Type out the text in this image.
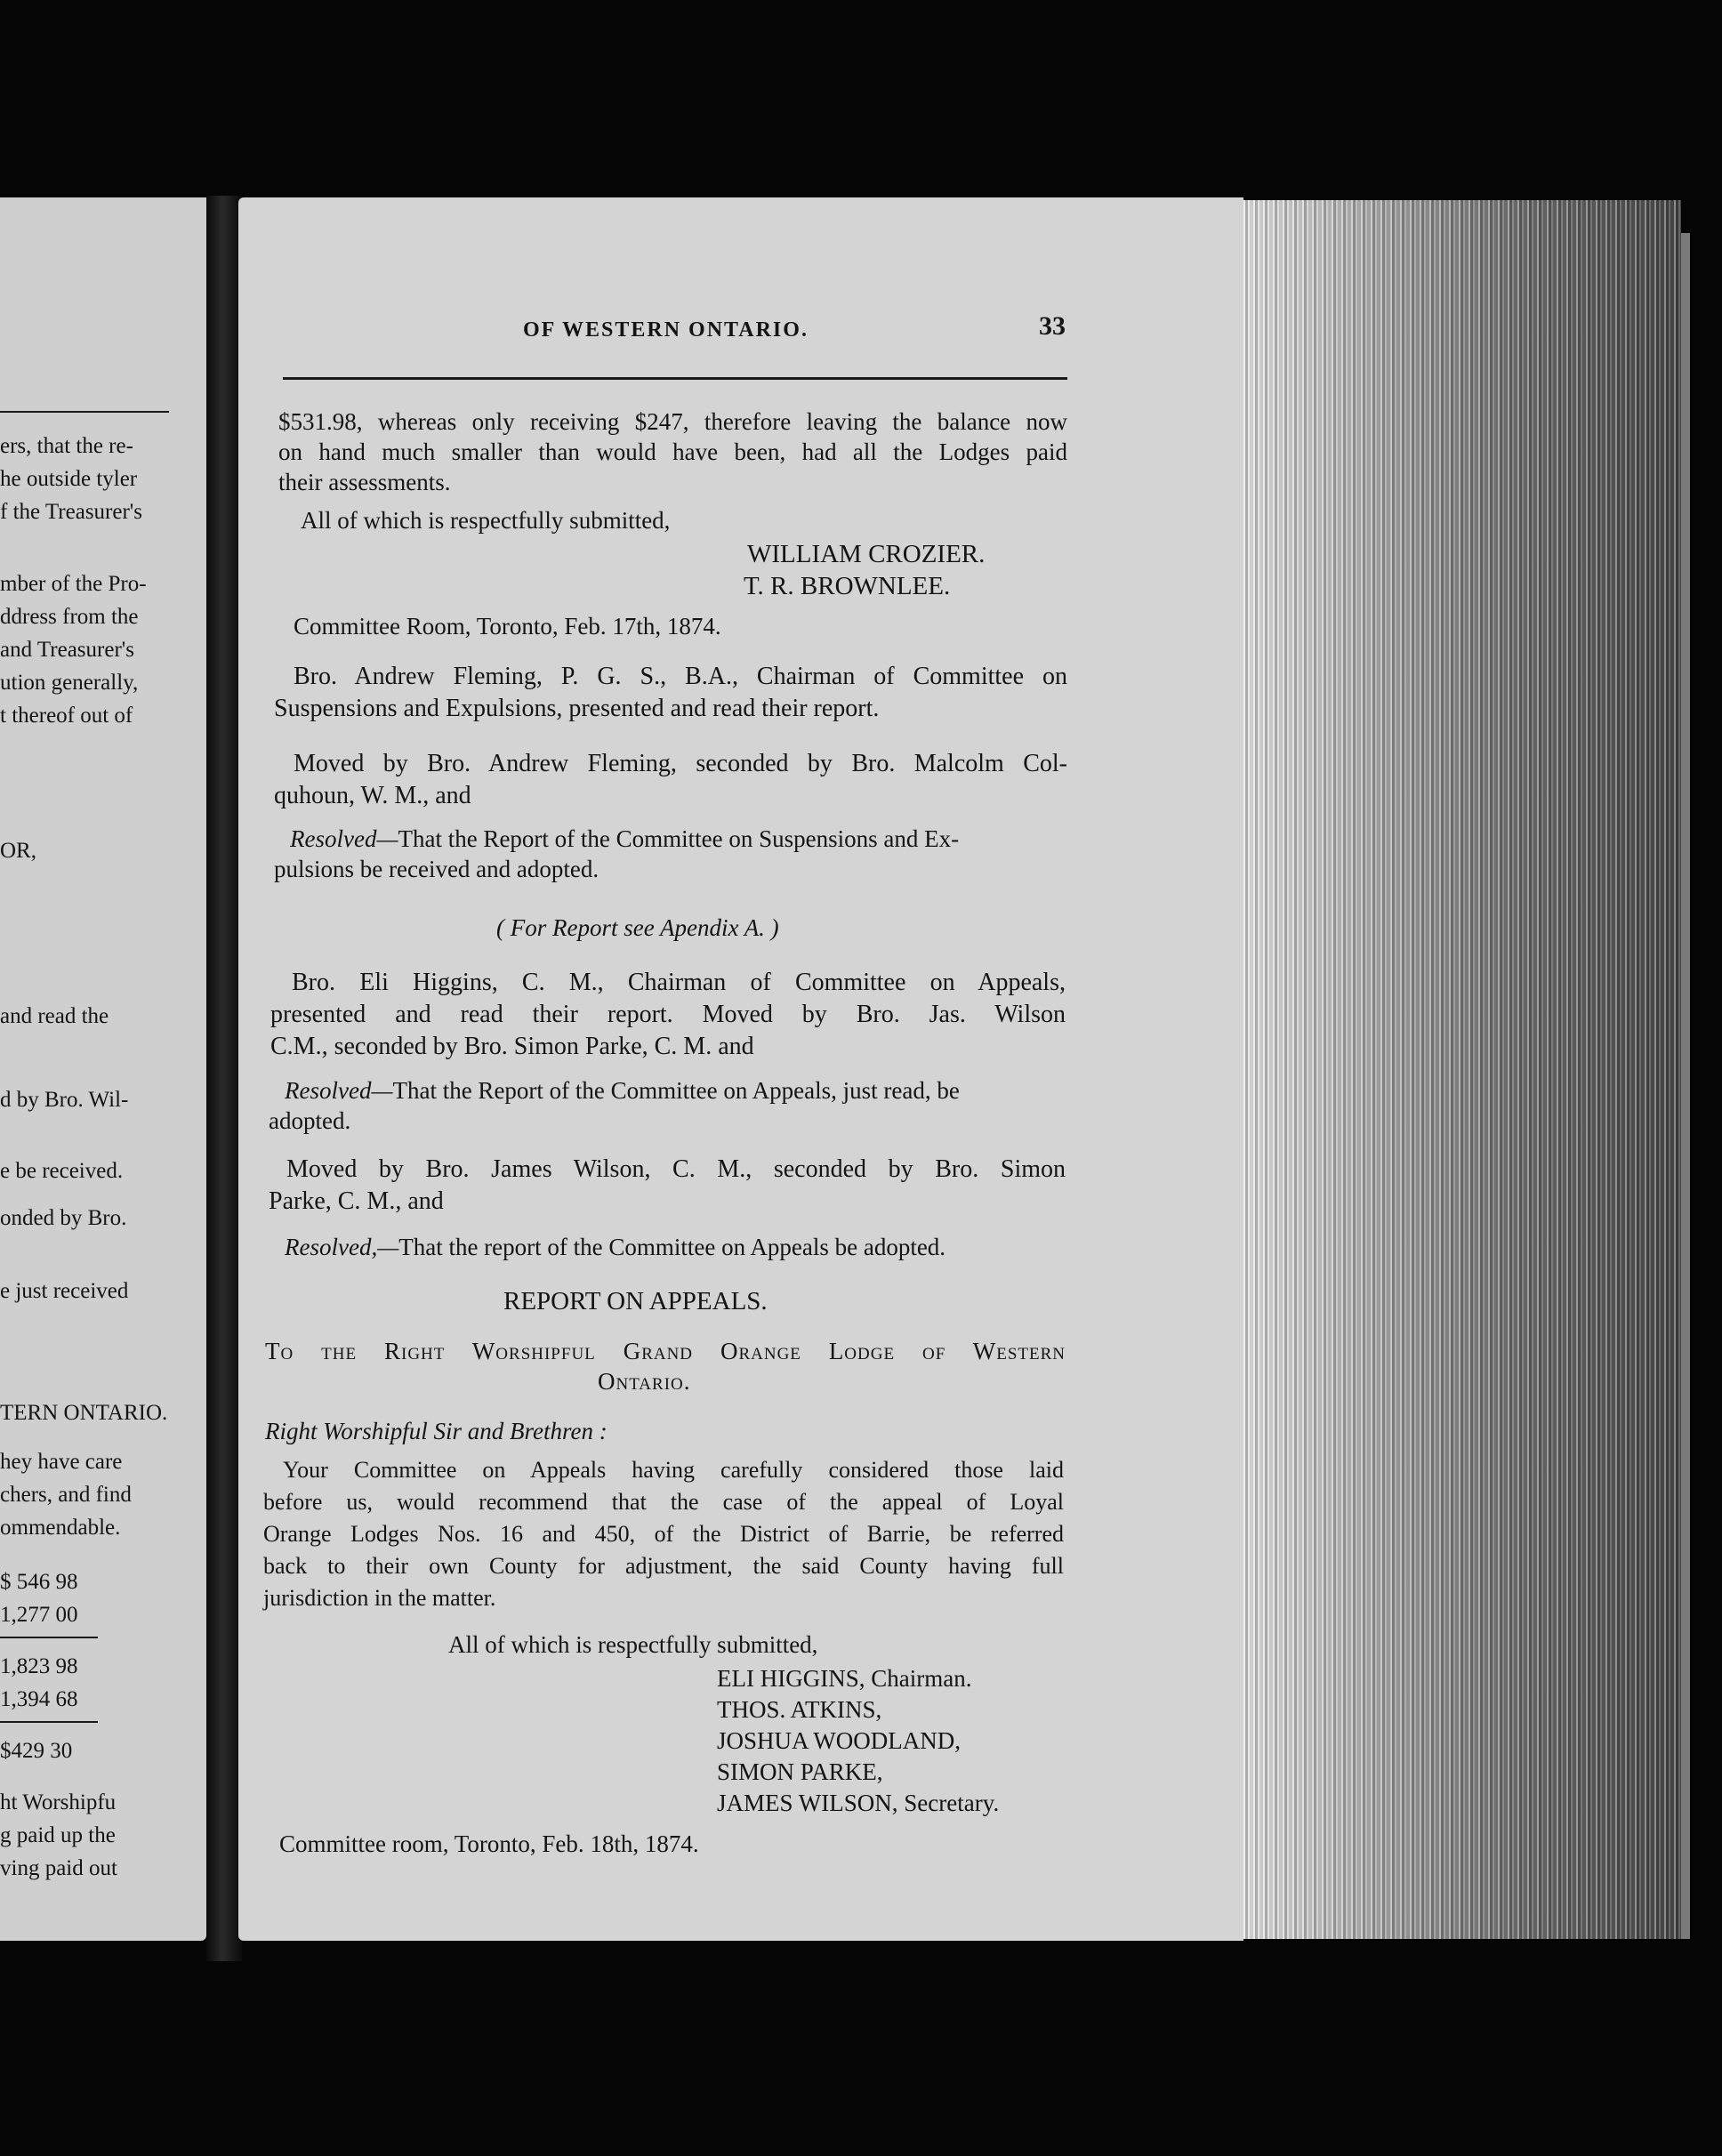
ers, that the re-
he outside tyler
f the Treasurer's
mber of the Pro-
ddress from the
and Treasurer's
ution generally,
t thereof out of
OR,
and read the
d by Bro. Wil-
e be received.
onded by Bro.
e just received
TERN ONTARIO.
hey have care
chers, and find
ommendable.
$ 546 98
1,277 00
1,823 98
1,394 68
$429 30
ht Worshipfu
g paid up the
ving paid out
OF WESTERN ONTARIO.	33
$531.98, whereas only receiving $247, therefore leaving the balance now
on hand much smaller than would have been, had all the Lodges paid
their assessments.
All of which is respectfully submitted,
WILLIAM CROZIER.
T. R. BROWNLEE.
Committee Room, Toronto, Feb. 17th, 1874.
Bro. Andrew Fleming, P. G. S., B.A., Chairman of Committee on
Suspensions and Expulsions, presented and read their report.
Moved by Bro. Andrew Fleming, seconded by Bro. Malcolm Col-
quhoun, W. M., and
Resolved—That the Report of the Committee on Suspensions and Ex-
pulsions be received and adopted.
( For Report see Apendix A. )
Bro. Eli Higgins, C. M., Chairman of Committee on Appeals,
presented and read their report. Moved by Bro. Jas. Wilson
C.M., seconded by Bro. Simon Parke, C. M. and
Resolved—That the Report of the Committee on Appeals, just read, be
adopted.
Moved by Bro. James Wilson, C. M., seconded by Bro. Simon
Parke, C. M., and
Resolved,—That the report of the Committee on Appeals be adopted.
REPORT ON APPEALS.
To the Right Worshipful Grand Orange Lodge of Western
Ontario.
Right Worshipful Sir and Brethren :
Your Committee on Appeals having carefully considered those laid
before us, would recommend that the case of the appeal of Loyal
Orange Lodges Nos. 16 and 450, of the District of Barrie, be referred
back to their own County for adjustment, the said County having full
jurisdiction in the matter.
All of which is respectfully submitted,
ELI HIGGINS, Chairman.
THOS. ATKINS,
JOSHUA WOODLAND,
SIMON PARKE,
JAMES WILSON, Secretary.
Committee room, Toronto, Feb. 18th, 1874.
